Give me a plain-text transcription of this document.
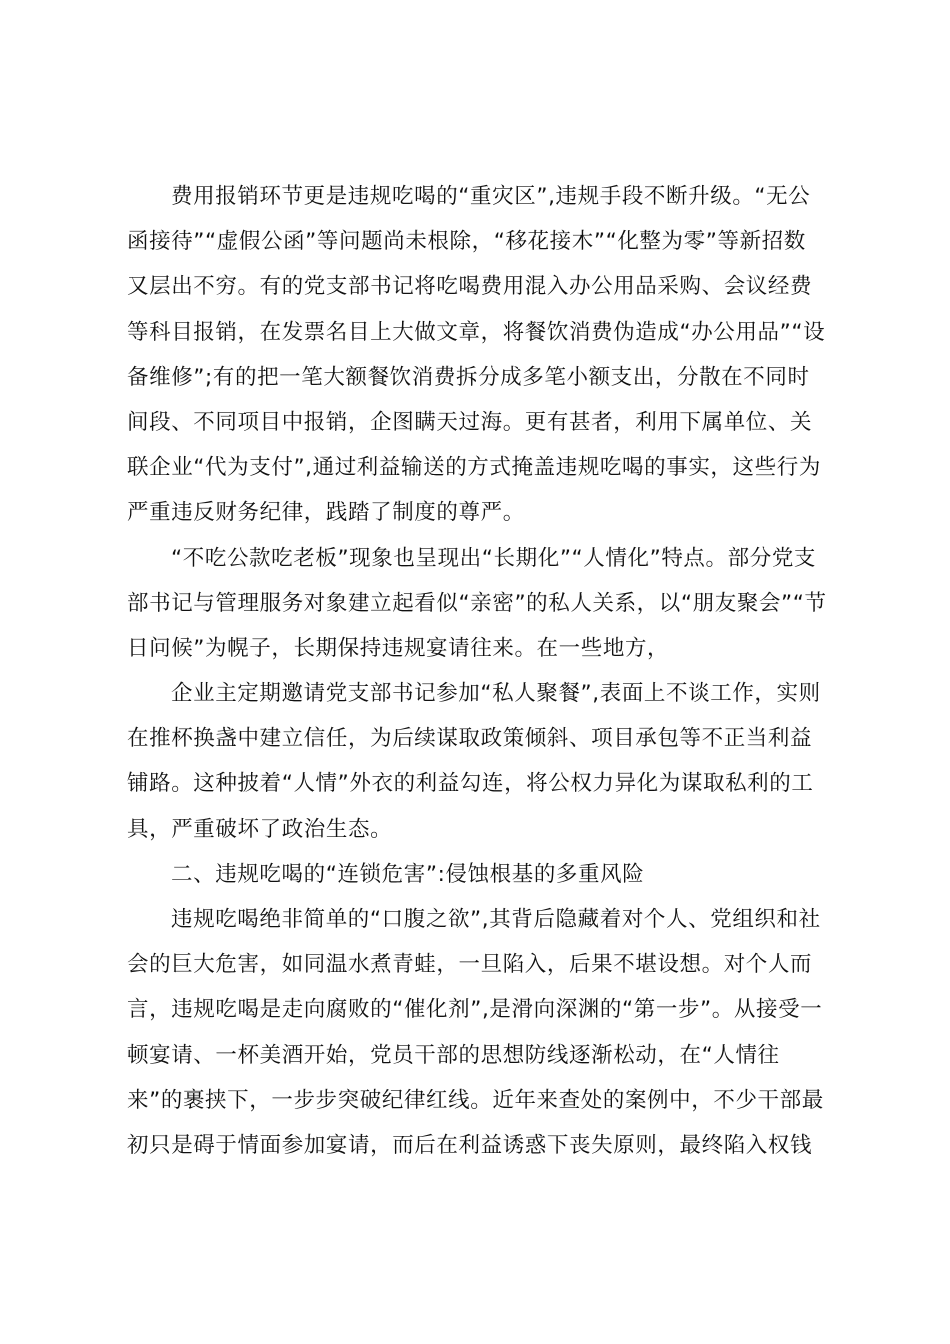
费用报销环节更是违规吃喝的“重灾区”,违规手段不断升级。“无公
函接待”“虚假公函”等问题尚未根除，“移花接木”“化整为零”等新招数
又层出不穷。有的党支部书记将吃喝费用混入办公用品采购、会议经费
等科目报销，在发票名目上大做文章，将餐饮消费伪造成“办公用品”“设
备维修”;有的把一笔大额餐饮消费拆分成多笔小额支出，分散在不同时
间段、不同项目中报销，企图瞒天过海。更有甚者，利用下属单位、关
联企业“代为支付”,通过利益输送的方式掩盖违规吃喝的事实，这些行为
严重违反财务纪律，践踏了制度的尊严。
“不吃公款吃老板”现象也呈现出“长期化”“人情化”特点。部分党支
部书记与管理服务对象建立起看似“亲密”的私人关系，以“朋友聚会”“节
日问候”为幌子，长期保持违规宴请往来。在一些地方，
企业主定期邀请党支部书记参加“私人聚餐”,表面上不谈工作，实则
在推杯换盏中建立信任，为后续谋取政策倾斜、项目承包等不正当利益
铺路。这种披着“人情”外衣的利益勾连，将公权力异化为谋取私利的工
具，严重破坏了政治生态。
二、违规吃喝的“连锁危害”:侵蚀根基的多重风险
违规吃喝绝非简单的“口腹之欲”,其背后隐藏着对个人、党组织和社
会的巨大危害，如同温水煮青蛙，一旦陷入，后果不堪设想。对个人而
言，违规吃喝是走向腐败的“催化剂”,是滑向深渊的“第一步”。从接受一
顿宴请、一杯美酒开始，党员干部的思想防线逐渐松动，在“人情往
来”的裹挟下，一步步突破纪律红线。近年来查处的案例中，不少干部最
初只是碍于情面参加宴请，而后在利益诱惑下丧失原则，最终陷入权钱
